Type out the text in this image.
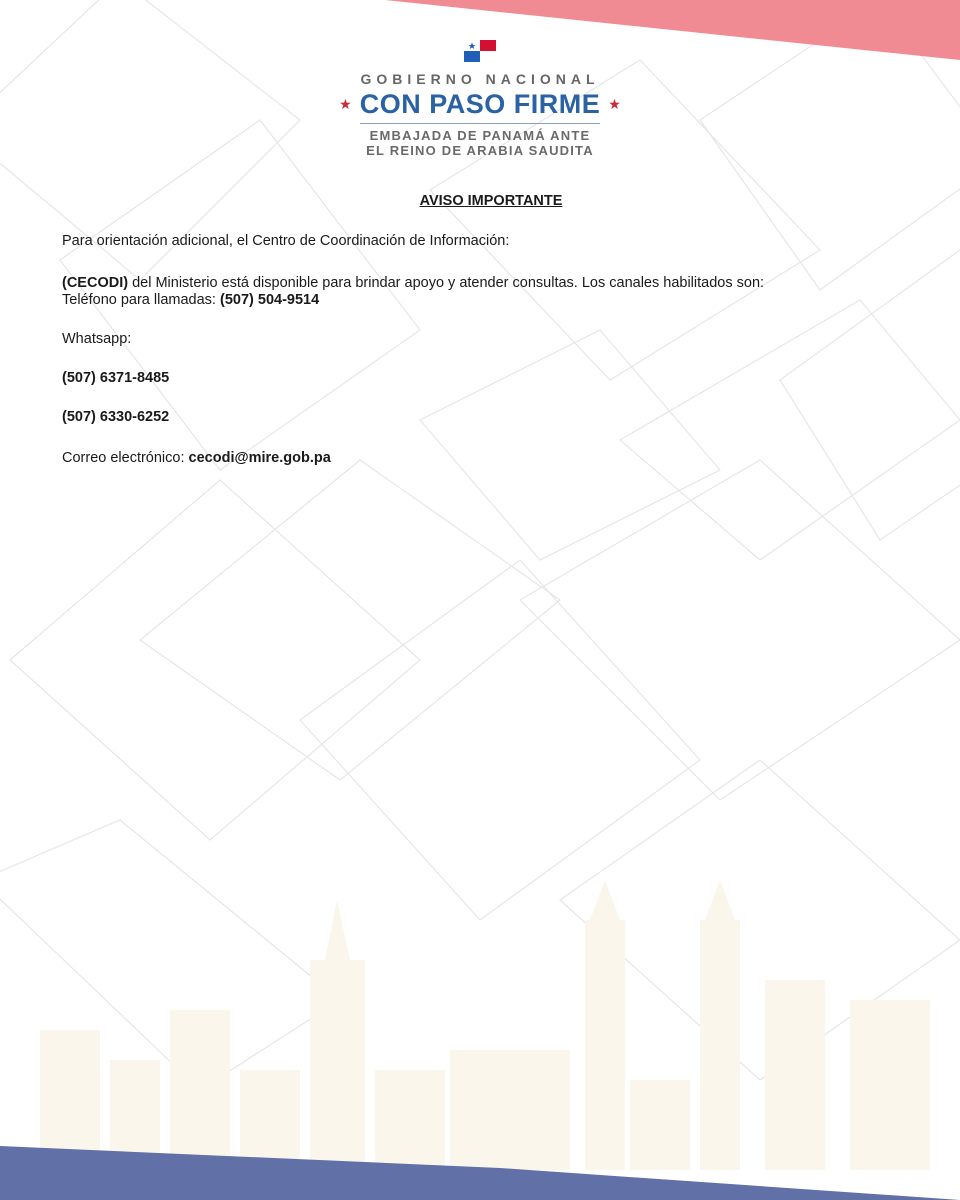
GOBIERNO NACIONAL
★ CON PASO FIRME ★
EMBAJADA DE PANAMÁ ANTE
EL REINO DE ARABIA SAUDITA
AVISO IMPORTANTE
Para orientación adicional, el Centro de Coordinación de Información:
(CECODI) del Ministerio está disponible para brindar apoyo y atender consultas. Los canales habilitados son:
Teléfono para llamadas: (507) 504-9514
Whatsapp:
(507) 6371-8485
(507) 6330-6252
Correo electrónico: cecodi@mire.gob.pa
